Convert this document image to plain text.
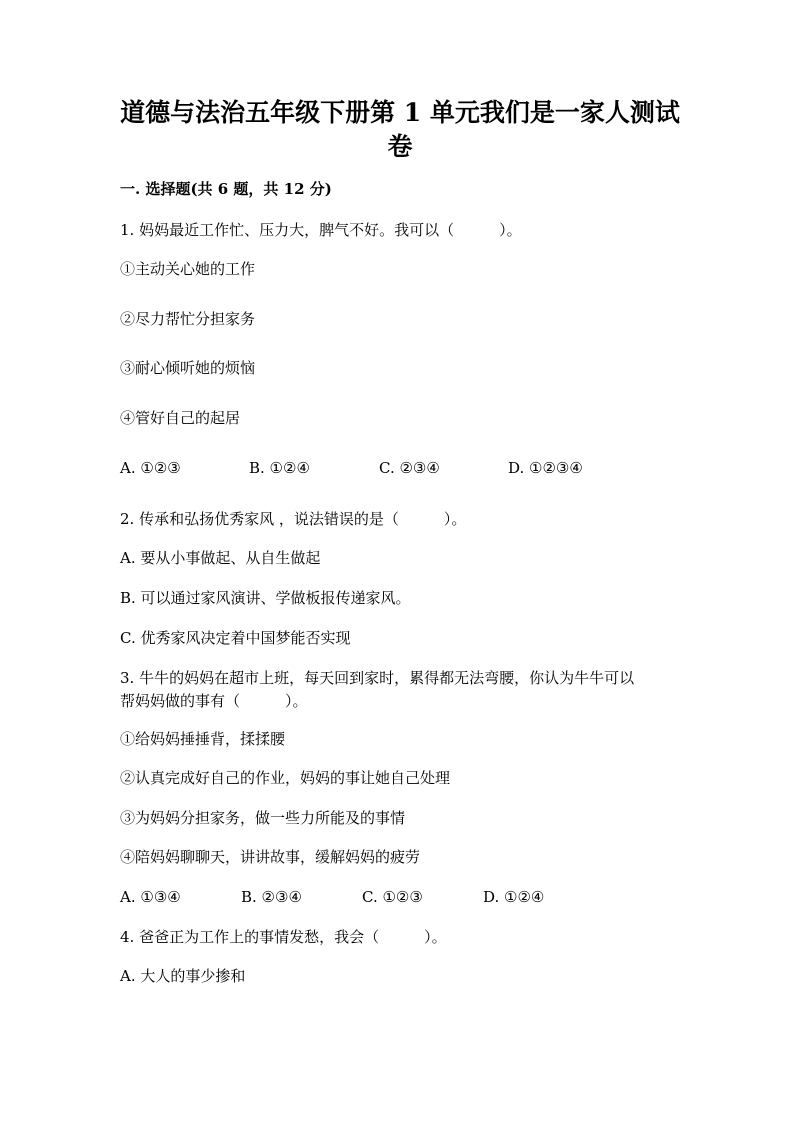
道德与法治五年级下册第 1 单元我们是一家人测试
卷
一. 选择题(共 6 题，共 12 分)
1. 妈妈最近工作忙、压力大，脾气不好。我可以（　　　）。
①主动关心她的工作
②尽力帮忙分担家务
③耐心倾听她的烦恼
④管好自己的起居
A. ①②③	B. ①②④	C. ②③④	D. ①②③④
2. 传承和弘扬优秀家风 ，说法错误的是（　　　）。
A. 要从小事做起、从自生做起
B. 可以通过家风演讲、学做板报传递家风。
C. 优秀家风决定着中国梦能否实现
3. 牛牛的妈妈在超市上班，每天回到家时，累得都无法弯腰，你认为牛牛可以
帮妈妈做的事有（　　　）。
①给妈妈捶捶背，揉揉腰
②认真完成好自己的作业，妈妈的事让她自己处理
③为妈妈分担家务，做一些力所能及的事情
④陪妈妈聊聊天，讲讲故事，缓解妈妈的疲劳
A. ①③④	B. ②③④	C. ①②③	D. ①②④
4. 爸爸正为工作上的事情发愁，我会（　　　）。
A. 大人的事少掺和
